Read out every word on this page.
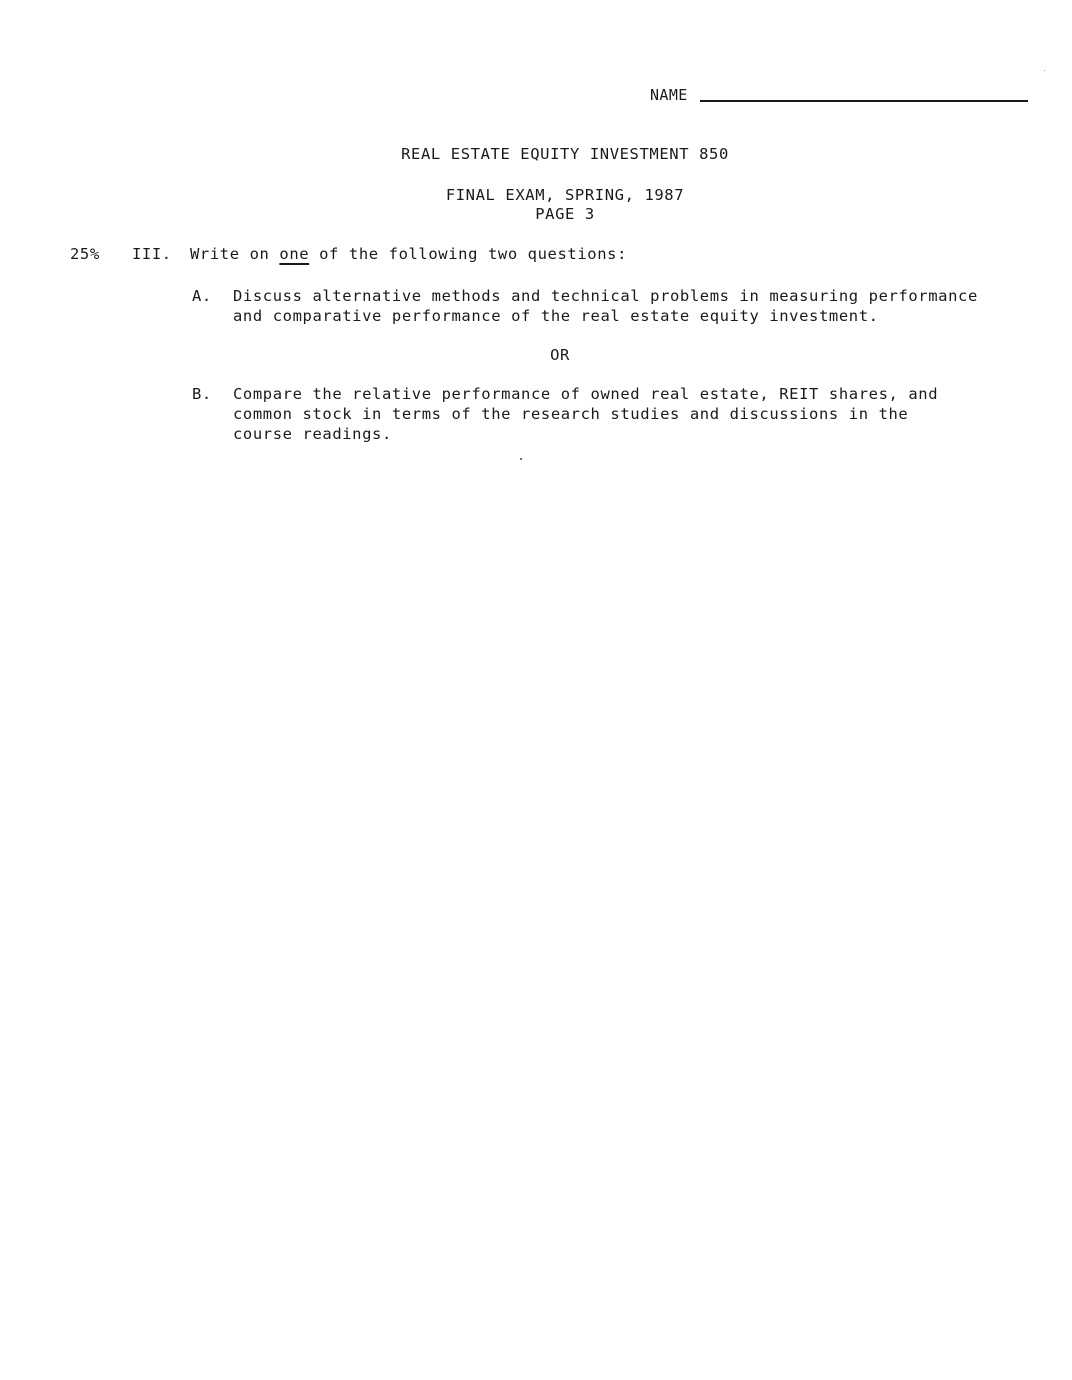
NAME
REAL ESTATE EQUITY INVESTMENT 850
FINAL EXAM, SPRING, 1987
PAGE 3
25%	III.	Write on one of the following two questions:
A.	Discuss alternative methods and technical problems in measuring performance
and comparative performance of the real estate equity investment.
OR
B.	Compare the relative performance of owned real estate, REIT shares, and
common stock in terms of the research studies and discussions in the
course readings.
